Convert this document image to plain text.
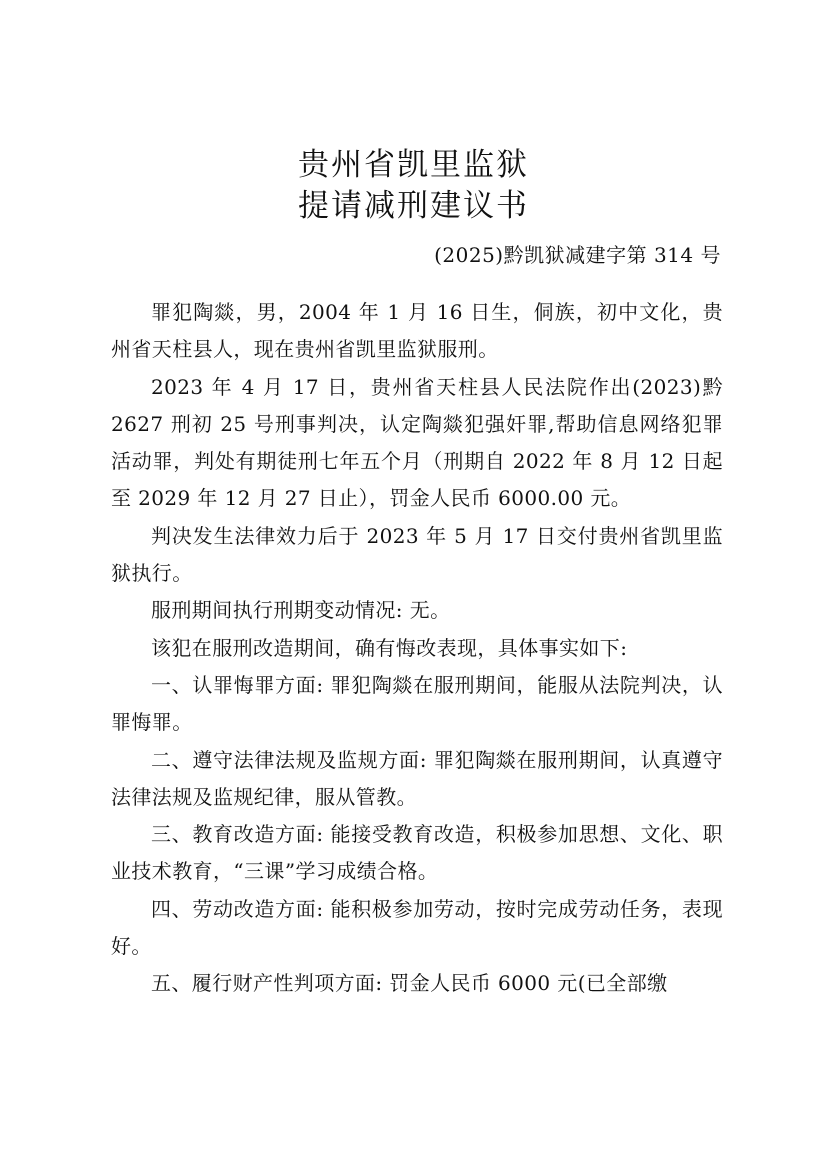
贵州省凯里监狱
提请减刑建议书
(2025)黔凯狱减建字第 314 号

罪犯陶燚，男，2004 年 1 月 16 日生，侗族，初中文化，贵州省天柱县人，现在贵州省凯里监狱服刑。

2023 年 4 月 17 日，贵州省天柱县人民法院作出(2023)黔 2627 刑初 25 号刑事判决，认定陶燚犯强奸罪,帮助信息网络犯罪活动罪，判处有期徒刑七年五个月（刑期自 2022 年 8 月 12 日起至 2029 年 12 月 27 日止），罚金人民币 6000.00 元。

判决发生法律效力后于 2023 年 5 月 17 日交付贵州省凯里监狱执行。

服刑期间执行刑期变动情况: 无。

该犯在服刑改造期间，确有悔改表现，具体事实如下:

一、认罪悔罪方面: 罪犯陶燚在服刑期间，能服从法院判决，认罪悔罪。

二、遵守法律法规及监规方面: 罪犯陶燚在服刑期间，认真遵守法律法规及监规纪律，服从管教。

三、教育改造方面: 能接受教育改造，积极参加思想、文化、职业技术教育，“三课”学习成绩合格。

四、劳动改造方面: 能积极参加劳动，按时完成劳动任务，表现好。

五、履行财产性判项方面: 罚金人民币 6000 元(已全部缴
